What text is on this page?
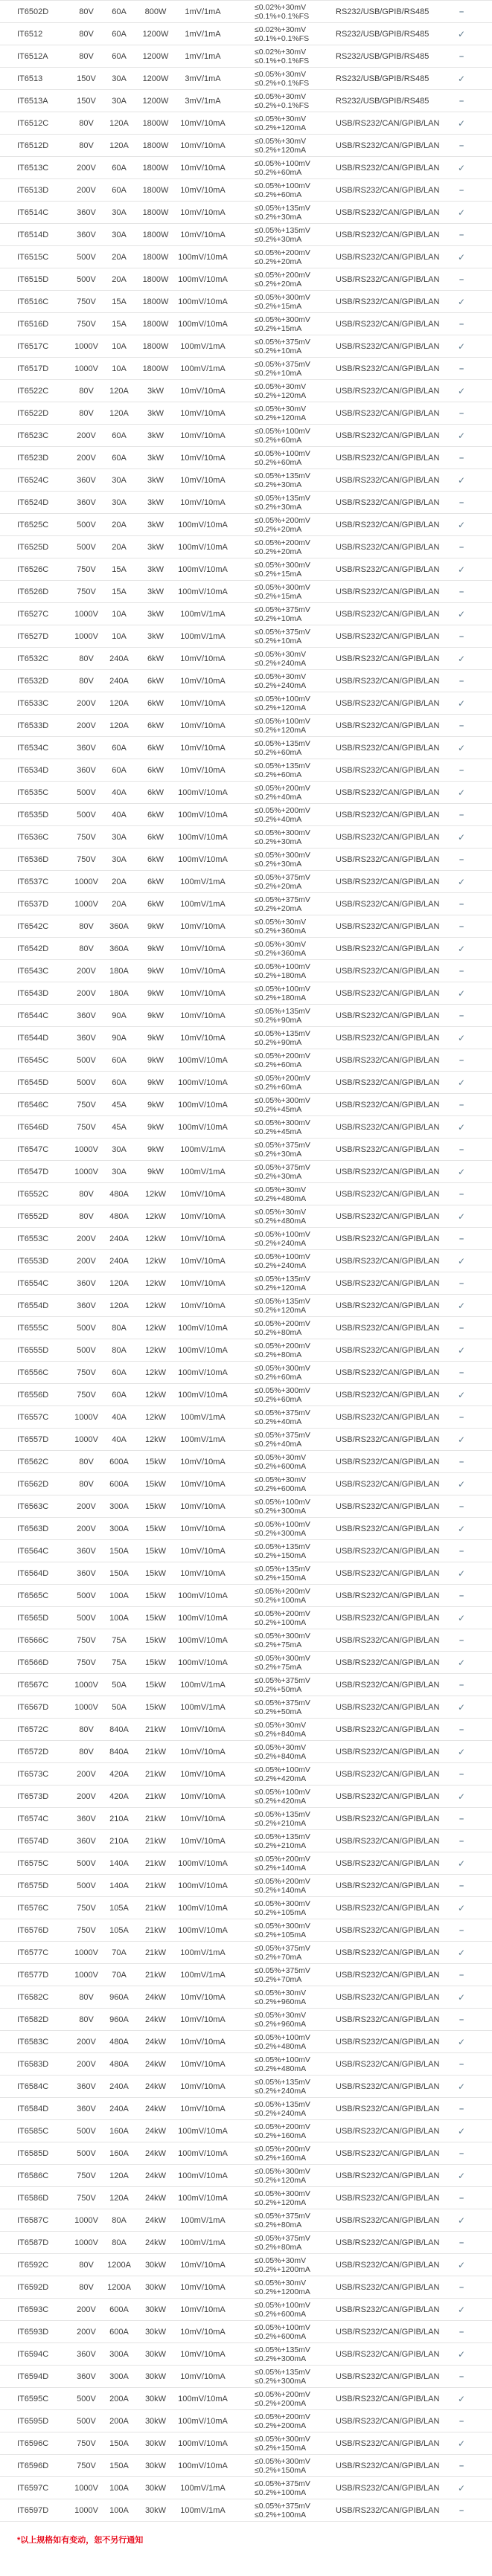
IT6502D	80V	60A	800W	1mV/1mA	≤0.02%+30mV
≤0.1%+0.1%FS	RS232/USB/GPIB/RS485	–
IT6512	80V	60A	1200W	1mV/1mA	≤0.02%+30mV
≤0.1%+0.1%FS	RS232/USB/GPIB/RS485	✓
IT6512A	80V	60A	1200W	1mV/1mA	≤0.02%+30mV
≤0.1%+0.1%FS	RS232/USB/GPIB/RS485	–
IT6513	150V	30A	1200W	3mV/1mA	≤0.05%+30mV
≤0.2%+0.1%FS	RS232/USB/GPIB/RS485	✓
IT6513A	150V	30A	1200W	3mV/1mA	≤0.05%+30mV
≤0.2%+0.1%FS	RS232/USB/GPIB/RS485	–
IT6512C	80V	120A	1800W	10mV/10mA	≤0.05%+30mV
≤0.2%+120mA	USB/RS232/CAN/GPIB/LAN	✓
IT6512D	80V	120A	1800W	10mV/10mA	≤0.05%+30mV
≤0.2%+120mA	USB/RS232/CAN/GPIB/LAN	–
IT6513C	200V	60A	1800W	10mV/10mA	≤0.05%+100mV
≤0.2%+60mA	USB/RS232/CAN/GPIB/LAN	✓
IT6513D	200V	60A	1800W	10mV/10mA	≤0.05%+100mV
≤0.2%+60mA	USB/RS232/CAN/GPIB/LAN	–
IT6514C	360V	30A	1800W	10mV/10mA	≤0.05%+135mV
≤0.2%+30mA	USB/RS232/CAN/GPIB/LAN	✓
IT6514D	360V	30A	1800W	10mV/10mA	≤0.05%+135mV
≤0.2%+30mA	USB/RS232/CAN/GPIB/LAN	–
IT6515C	500V	20A	1800W	100mV/10mA	≤0.05%+200mV
≤0.2%+20mA	USB/RS232/CAN/GPIB/LAN	✓
IT6515D	500V	20A	1800W	100mV/10mA	≤0.05%+200mV
≤0.2%+20mA	USB/RS232/CAN/GPIB/LAN	–
IT6516C	750V	15A	1800W	100mV/10mA	≤0.05%+300mV
≤0.2%+15mA	USB/RS232/CAN/GPIB/LAN	✓
IT6516D	750V	15A	1800W	100mV/10mA	≤0.05%+300mV
≤0.2%+15mA	USB/RS232/CAN/GPIB/LAN	–
IT6517C	1000V	10A	1800W	100mV/1mA	≤0.05%+375mV
≤0.2%+10mA	USB/RS232/CAN/GPIB/LAN	✓
IT6517D	1000V	10A	1800W	100mV/1mA	≤0.05%+375mV
≤0.2%+10mA	USB/RS232/CAN/GPIB/LAN	–
IT6522C	80V	120A	3kW	10mV/10mA	≤0.05%+30mV
≤0.2%+120mA	USB/RS232/CAN/GPIB/LAN	✓
IT6522D	80V	120A	3kW	10mV/10mA	≤0.05%+30mV
≤0.2%+120mA	USB/RS232/CAN/GPIB/LAN	–
IT6523C	200V	60A	3kW	10mV/10mA	≤0.05%+100mV
≤0.2%+60mA	USB/RS232/CAN/GPIB/LAN	✓
IT6523D	200V	60A	3kW	10mV/10mA	≤0.05%+100mV
≤0.2%+60mA	USB/RS232/CAN/GPIB/LAN	–
IT6524C	360V	30A	3kW	10mV/10mA	≤0.05%+135mV
≤0.2%+30mA	USB/RS232/CAN/GPIB/LAN	✓
IT6524D	360V	30A	3kW	10mV/10mA	≤0.05%+135mV
≤0.2%+30mA	USB/RS232/CAN/GPIB/LAN	–
IT6525C	500V	20A	3kW	100mV/10mA	≤0.05%+200mV
≤0.2%+20mA	USB/RS232/CAN/GPIB/LAN	✓
IT6525D	500V	20A	3kW	100mV/10mA	≤0.05%+200mV
≤0.2%+20mA	USB/RS232/CAN/GPIB/LAN	–
IT6526C	750V	15A	3kW	100mV/10mA	≤0.05%+300mV
≤0.2%+15mA	USB/RS232/CAN/GPIB/LAN	✓
IT6526D	750V	15A	3kW	100mV/10mA	≤0.05%+300mV
≤0.2%+15mA	USB/RS232/CAN/GPIB/LAN	–
IT6527C	1000V	10A	3kW	100mV/1mA	≤0.05%+375mV
≤0.2%+10mA	USB/RS232/CAN/GPIB/LAN	✓
IT6527D	1000V	10A	3kW	100mV/1mA	≤0.05%+375mV
≤0.2%+10mA	USB/RS232/CAN/GPIB/LAN	–
IT6532C	80V	240A	6kW	10mV/10mA	≤0.05%+30mV
≤0.2%+240mA	USB/RS232/CAN/GPIB/LAN	✓
IT6532D	80V	240A	6kW	10mV/10mA	≤0.05%+30mV
≤0.2%+240mA	USB/RS232/CAN/GPIB/LAN	–
IT6533C	200V	120A	6kW	10mV/10mA	≤0.05%+100mV
≤0.2%+120mA	USB/RS232/CAN/GPIB/LAN	✓
IT6533D	200V	120A	6kW	10mV/10mA	≤0.05%+100mV
≤0.2%+120mA	USB/RS232/CAN/GPIB/LAN	–
IT6534C	360V	60A	6kW	10mV/10mA	≤0.05%+135mV
≤0.2%+60mA	USB/RS232/CAN/GPIB/LAN	✓
IT6534D	360V	60A	6kW	10mV/10mA	≤0.05%+135mV
≤0.2%+60mA	USB/RS232/CAN/GPIB/LAN	–
IT6535C	500V	40A	6kW	100mV/10mA	≤0.05%+200mV
≤0.2%+40mA	USB/RS232/CAN/GPIB/LAN	✓
IT6535D	500V	40A	6kW	100mV/10mA	≤0.05%+200mV
≤0.2%+40mA	USB/RS232/CAN/GPIB/LAN	–
IT6536C	750V	30A	6kW	100mV/10mA	≤0.05%+300mV
≤0.2%+30mA	USB/RS232/CAN/GPIB/LAN	✓
IT6536D	750V	30A	6kW	100mV/10mA	≤0.05%+300mV
≤0.2%+30mA	USB/RS232/CAN/GPIB/LAN	–
IT6537C	1000V	20A	6kW	100mV/1mA	≤0.05%+375mV
≤0.2%+20mA	USB/RS232/CAN/GPIB/LAN	✓
IT6537D	1000V	20A	6kW	100mV/1mA	≤0.05%+375mV
≤0.2%+20mA	USB/RS232/CAN/GPIB/LAN	–
IT6542C	80V	360A	9kW	10mV/10mA	≤0.05%+30mV
≤0.2%+360mA	USB/RS232/CAN/GPIB/LAN	–
IT6542D	80V	360A	9kW	10mV/10mA	≤0.05%+30mV
≤0.2%+360mA	USB/RS232/CAN/GPIB/LAN	✓
IT6543C	200V	180A	9kW	10mV/10mA	≤0.05%+100mV
≤0.2%+180mA	USB/RS232/CAN/GPIB/LAN	–
IT6543D	200V	180A	9kW	10mV/10mA	≤0.05%+100mV
≤0.2%+180mA	USB/RS232/CAN/GPIB/LAN	✓
IT6544C	360V	90A	9kW	10mV/10mA	≤0.05%+135mV
≤0.2%+90mA	USB/RS232/CAN/GPIB/LAN	–
IT6544D	360V	90A	9kW	10mV/10mA	≤0.05%+135mV
≤0.2%+90mA	USB/RS232/CAN/GPIB/LAN	✓
IT6545C	500V	60A	9kW	100mV/10mA	≤0.05%+200mV
≤0.2%+60mA	USB/RS232/CAN/GPIB/LAN	–
IT6545D	500V	60A	9kW	100mV/10mA	≤0.05%+200mV
≤0.2%+60mA	USB/RS232/CAN/GPIB/LAN	✓
IT6546C	750V	45A	9kW	100mV/10mA	≤0.05%+300mV
≤0.2%+45mA	USB/RS232/CAN/GPIB/LAN	–
IT6546D	750V	45A	9kW	100mV/10mA	≤0.05%+300mV
≤0.2%+45mA	USB/RS232/CAN/GPIB/LAN	✓
IT6547C	1000V	30A	9kW	100mV/1mA	≤0.05%+375mV
≤0.2%+30mA	USB/RS232/CAN/GPIB/LAN	–
IT6547D	1000V	30A	9kW	100mV/1mA	≤0.05%+375mV
≤0.2%+30mA	USB/RS232/CAN/GPIB/LAN	✓
IT6552C	80V	480A	12kW	10mV/10mA	≤0.05%+30mV
≤0.2%+480mA	USB/RS232/CAN/GPIB/LAN	–
IT6552D	80V	480A	12kW	10mV/10mA	≤0.05%+30mV
≤0.2%+480mA	USB/RS232/CAN/GPIB/LAN	✓
IT6553C	200V	240A	12kW	10mV/10mA	≤0.05%+100mV
≤0.2%+240mA	USB/RS232/CAN/GPIB/LAN	–
IT6553D	200V	240A	12kW	10mV/10mA	≤0.05%+100mV
≤0.2%+240mA	USB/RS232/CAN/GPIB/LAN	✓
IT6554C	360V	120A	12kW	10mV/10mA	≤0.05%+135mV
≤0.2%+120mA	USB/RS232/CAN/GPIB/LAN	–
IT6554D	360V	120A	12kW	10mV/10mA	≤0.05%+135mV
≤0.2%+120mA	USB/RS232/CAN/GPIB/LAN	✓
IT6555C	500V	80A	12kW	100mV/10mA	≤0.05%+200mV
≤0.2%+80mA	USB/RS232/CAN/GPIB/LAN	–
IT6555D	500V	80A	12kW	100mV/10mA	≤0.05%+200mV
≤0.2%+80mA	USB/RS232/CAN/GPIB/LAN	✓
IT6556C	750V	60A	12kW	100mV/10mA	≤0.05%+300mV
≤0.2%+60mA	USB/RS232/CAN/GPIB/LAN	–
IT6556D	750V	60A	12kW	100mV/10mA	≤0.05%+300mV
≤0.2%+60mA	USB/RS232/CAN/GPIB/LAN	✓
IT6557C	1000V	40A	12kW	100mV/1mA	≤0.05%+375mV
≤0.2%+40mA	USB/RS232/CAN/GPIB/LAN	–
IT6557D	1000V	40A	12kW	100mV/1mA	≤0.05%+375mV
≤0.2%+40mA	USB/RS232/CAN/GPIB/LAN	✓
IT6562C	80V	600A	15kW	10mV/10mA	≤0.05%+30mV
≤0.2%+600mA	USB/RS232/CAN/GPIB/LAN	–
IT6562D	80V	600A	15kW	10mV/10mA	≤0.05%+30mV
≤0.2%+600mA	USB/RS232/CAN/GPIB/LAN	✓
IT6563C	200V	300A	15kW	10mV/10mA	≤0.05%+100mV
≤0.2%+300mA	USB/RS232/CAN/GPIB/LAN	–
IT6563D	200V	300A	15kW	10mV/10mA	≤0.05%+100mV
≤0.2%+300mA	USB/RS232/CAN/GPIB/LAN	✓
IT6564C	360V	150A	15kW	10mV/10mA	≤0.05%+135mV
≤0.2%+150mA	USB/RS232/CAN/GPIB/LAN	–
IT6564D	360V	150A	15kW	10mV/10mA	≤0.05%+135mV
≤0.2%+150mA	USB/RS232/CAN/GPIB/LAN	✓
IT6565C	500V	100A	15kW	100mV/10mA	≤0.05%+200mV
≤0.2%+100mA	USB/RS232/CAN/GPIB/LAN	–
IT6565D	500V	100A	15kW	100mV/10mA	≤0.05%+200mV
≤0.2%+100mA	USB/RS232/CAN/GPIB/LAN	✓
IT6566C	750V	75A	15kW	100mV/10mA	≤0.05%+300mV
≤0.2%+75mA	USB/RS232/CAN/GPIB/LAN	–
IT6566D	750V	75A	15kW	100mV/10mA	≤0.05%+300mV
≤0.2%+75mA	USB/RS232/CAN/GPIB/LAN	✓
IT6567C	1000V	50A	15kW	100mV/1mA	≤0.05%+375mV
≤0.2%+50mA	USB/RS232/CAN/GPIB/LAN	–
IT6567D	1000V	50A	15kW	100mV/1mA	≤0.05%+375mV
≤0.2%+50mA	USB/RS232/CAN/GPIB/LAN	✓
IT6572C	80V	840A	21kW	10mV/10mA	≤0.05%+30mV
≤0.2%+840mA	USB/RS232/CAN/GPIB/LAN	–
IT6572D	80V	840A	21kW	10mV/10mA	≤0.05%+30mV
≤0.2%+840mA	USB/RS232/CAN/GPIB/LAN	✓
IT6573C	200V	420A	21kW	10mV/10mA	≤0.05%+100mV
≤0.2%+420mA	USB/RS232/CAN/GPIB/LAN	–
IT6573D	200V	420A	21kW	10mV/10mA	≤0.05%+100mV
≤0.2%+420mA	USB/RS232/CAN/GPIB/LAN	✓
IT6574C	360V	210A	21kW	10mV/10mA	≤0.05%+135mV
≤0.2%+210mA	USB/RS232/CAN/GPIB/LAN	–
IT6574D	360V	210A	21kW	10mV/10mA	≤0.05%+135mV
≤0.2%+210mA	USB/RS232/CAN/GPIB/LAN	–
IT6575C	500V	140A	21kW	100mV/10mA	≤0.05%+200mV
≤0.2%+140mA	USB/RS232/CAN/GPIB/LAN	✓
IT6575D	500V	140A	21kW	100mV/10mA	≤0.05%+200mV
≤0.2%+140mA	USB/RS232/CAN/GPIB/LAN	–
IT6576C	750V	105A	21kW	100mV/10mA	≤0.05%+300mV
≤0.2%+105mA	USB/RS232/CAN/GPIB/LAN	✓
IT6576D	750V	105A	21kW	100mV/10mA	≤0.05%+300mV
≤0.2%+105mA	USB/RS232/CAN/GPIB/LAN	–
IT6577C	1000V	70A	21kW	100mV/1mA	≤0.05%+375mV
≤0.2%+70mA	USB/RS232/CAN/GPIB/LAN	✓
IT6577D	1000V	70A	21kW	100mV/1mA	≤0.05%+375mV
≤0.2%+70mA	USB/RS232/CAN/GPIB/LAN	–
IT6582C	80V	960A	24kW	10mV/10mA	≤0.05%+30mV
≤0.2%+960mA	USB/RS232/CAN/GPIB/LAN	✓
IT6582D	80V	960A	24kW	10mV/10mA	≤0.05%+30mV
≤0.2%+960mA	USB/RS232/CAN/GPIB/LAN	–
IT6583C	200V	480A	24kW	10mV/10mA	≤0.05%+100mV
≤0.2%+480mA	USB/RS232/CAN/GPIB/LAN	✓
IT6583D	200V	480A	24kW	10mV/10mA	≤0.05%+100mV
≤0.2%+480mA	USB/RS232/CAN/GPIB/LAN	–
IT6584C	360V	240A	24kW	10mV/10mA	≤0.05%+135mV
≤0.2%+240mA	USB/RS232/CAN/GPIB/LAN	✓
IT6584D	360V	240A	24kW	10mV/10mA	≤0.05%+135mV
≤0.2%+240mA	USB/RS232/CAN/GPIB/LAN	–
IT6585C	500V	160A	24kW	100mV/10mA	≤0.05%+200mV
≤0.2%+160mA	USB/RS232/CAN/GPIB/LAN	✓
IT6585D	500V	160A	24kW	100mV/10mA	≤0.05%+200mV
≤0.2%+160mA	USB/RS232/CAN/GPIB/LAN	–
IT6586C	750V	120A	24kW	100mV/10mA	≤0.05%+300mV
≤0.2%+120mA	USB/RS232/CAN/GPIB/LAN	✓
IT6586D	750V	120A	24kW	100mV/10mA	≤0.05%+300mV
≤0.2%+120mA	USB/RS232/CAN/GPIB/LAN	–
IT6587C	1000V	80A	24kW	100mV/1mA	≤0.05%+375mV
≤0.2%+80mA	USB/RS232/CAN/GPIB/LAN	✓
IT6587D	1000V	80A	24kW	100mV/1mA	≤0.05%+375mV
≤0.2%+80mA	USB/RS232/CAN/GPIB/LAN	–
IT6592C	80V	1200A	30kW	10mV/10mA	≤0.05%+30mV
≤0.2%+1200mA	USB/RS232/CAN/GPIB/LAN	✓
IT6592D	80V	1200A	30kW	10mV/10mA	≤0.05%+30mV
≤0.2%+1200mA	USB/RS232/CAN/GPIB/LAN	–
IT6593C	200V	600A	30kW	10mV/10mA	≤0.05%+100mV
≤0.2%+600mA	USB/RS232/CAN/GPIB/LAN	✓
IT6593D	200V	600A	30kW	10mV/10mA	≤0.05%+100mV
≤0.2%+600mA	USB/RS232/CAN/GPIB/LAN	–
IT6594C	360V	300A	30kW	10mV/10mA	≤0.05%+135mV
≤0.2%+300mA	USB/RS232/CAN/GPIB/LAN	✓
IT6594D	360V	300A	30kW	10mV/10mA	≤0.05%+135mV
≤0.2%+300mA	USB/RS232/CAN/GPIB/LAN	–
IT6595C	500V	200A	30kW	100mV/10mA	≤0.05%+200mV
≤0.2%+200mA	USB/RS232/CAN/GPIB/LAN	✓
IT6595D	500V	200A	30kW	100mV/10mA	≤0.05%+200mV
≤0.2%+200mA	USB/RS232/CAN/GPIB/LAN	–
IT6596C	750V	150A	30kW	100mV/10mA	≤0.05%+300mV
≤0.2%+150mA	USB/RS232/CAN/GPIB/LAN	✓
IT6596D	750V	150A	30kW	100mV/10mA	≤0.05%+300mV
≤0.2%+150mA	USB/RS232/CAN/GPIB/LAN	–
IT6597C	1000V	100A	30kW	100mV/1mA	≤0.05%+375mV
≤0.2%+100mA	USB/RS232/CAN/GPIB/LAN	✓
IT6597D	1000V	100A	30kW	100mV/1mA	≤0.05%+375mV
≤0.2%+100mA	USB/RS232/CAN/GPIB/LAN	–
*以上规格如有变动，恕不另行通知
